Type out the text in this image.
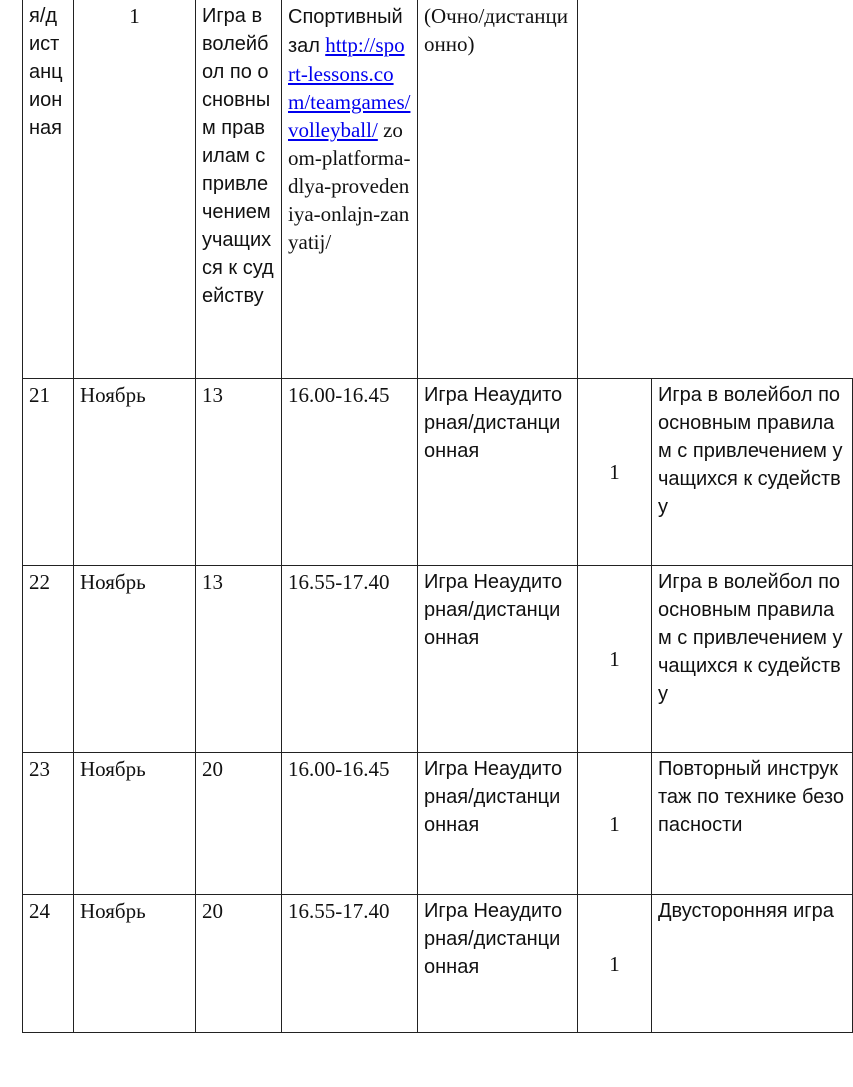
я/дистанционная	1	Игра в волейбол по основным правилам с привлечением учащихся к судейству	Спортивный зал http://sport-lessons.com/teamgames/volleyball/ zoom-platforma-dlya-provedeniya-onlajn-zanyatij/	(Очно/дистанционно)		
21	Ноябрь	13	16.00-16.45	Игра Неаудиторная/дистанционная	1	Игра в волейбол по основным правилам с привлечением учащихся к судейству
22	Ноябрь	13	16.55-17.40	Игра Неаудиторная/дистанционная	1	Игра в волейбол по основным правилам с привлечением учащихся к судейству
23	Ноябрь	20	16.00-16.45	Игра Неаудиторная/дистанционная	1	Повторный инструктаж по технике безопасности
24	Ноябрь	20	16.55-17.40	Игра Неаудиторная/дистанционная	1	Двусторонняя игра
